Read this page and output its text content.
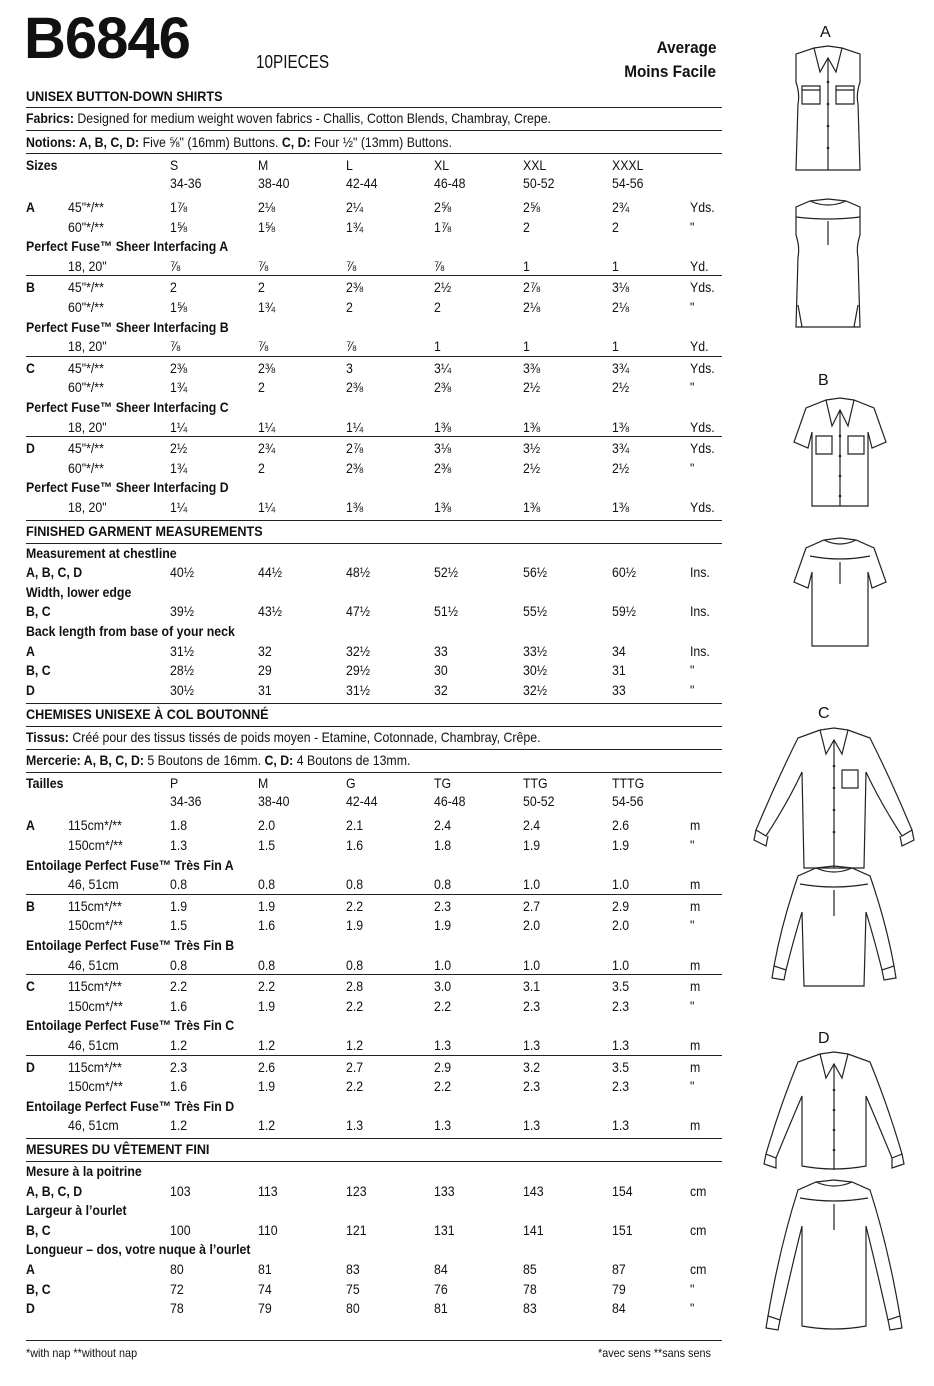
B6846	10PIECES
Average
Moins Facile
UNISEX BUTTON-DOWN SHIRTS
Fabrics: Designed for medium weight woven fabrics - Challis, Cotton Blends, Chambray, Crepe.
Notions: A, B, C, D: Five ⅝" (16mm) Buttons. C, D: Four ½" (13mm) Buttons.
Sizes	S	M	L	XL	XXL	XXXL
34-36	38-40	42-44	46-48	50-52	54-56
A 45"*/**	1⅞	2⅛	2¼	2⅝	2⅝	2¾	Yds.
60"*/**	1⅝	1⅝	1¾	1⅞	2	2	"
Perfect Fuse™ Sheer Interfacing A
18, 20"	⅞	⅞	⅞	⅞	1	1	Yd.
B 45"*/**	2	2	2⅜	2½	2⅞	3⅛	Yds.
60"*/**	1⅝	1¾	2	2	2⅛	2⅛	"
Perfect Fuse™ Sheer Interfacing B
18, 20"	⅞	⅞	⅞	1	1	1	Yd.
C 45"*/**	2⅜	2⅜	3	3¼	3⅜	3¾	Yds.
60"*/**	1¾	2	2⅜	2⅜	2½	2½	"
Perfect Fuse™ Sheer Interfacing C
18, 20"	1¼	1¼	1¼	1⅜	1⅜	1⅜	Yds.
D 45"*/**	2½	2¾	2⅞	3⅛	3½	3¾	Yds.
60"*/**	1¾	2	2⅜	2⅜	2½	2½	"
Perfect Fuse™ Sheer Interfacing D
18, 20"	1¼	1¼	1⅜	1⅜	1⅜	1⅜	Yds.
FINISHED GARMENT MEASUREMENTS
Measurement at chestline
A, B, C, D	40½	44½	48½	52½	56½	60½	Ins.
Width, lower edge
B, C	39½	43½	47½	51½	55½	59½	Ins.
Back length from base of your neck
A	31½	32	32½	33	33½	34	Ins.
B, C	28½	29	29½	30	30½	31	"
D	30½	31	31½	32	32½	33	"
CHEMISES UNISEXE À COL BOUTONNÉ
Tissus: Créé pour des tissus tissés de poids moyen - Etamine, Cotonnade, Chambray, Crêpe.
Mercerie: A, B, C, D: 5 Boutons de 16mm. C, D: 4 Boutons de 13mm.
Tailles	P	M	G	TG	TTG	TTTG
34-36	38-40	42-44	46-48	50-52	54-56
A 115cm*/**	1.8	2.0	2.1	2.4	2.4	2.6	m
150cm*/**	1.3	1.5	1.6	1.8	1.9	1.9	"
Entoilage Perfect Fuse™ Très Fin A
46, 51cm	0.8	0.8	0.8	0.8	1.0	1.0	m
B 115cm*/**	1.9	1.9	2.2	2.3	2.7	2.9	m
150cm*/**	1.5	1.6	1.9	1.9	2.0	2.0	"
Entoilage Perfect Fuse™ Très Fin B
46, 51cm	0.8	0.8	0.8	1.0	1.0	1.0	m
C 115cm*/**	2.2	2.2	2.8	3.0	3.1	3.5	m
150cm*/**	1.6	1.9	2.2	2.2	2.3	2.3	"
Entoilage Perfect Fuse™ Très Fin C
46, 51cm	1.2	1.2	1.2	1.3	1.3	1.3	m
D 115cm*/**	2.3	2.6	2.7	2.9	3.2	3.5	m
150cm*/**	1.6	1.9	2.2	2.2	2.3	2.3	"
Entoilage Perfect Fuse™ Très Fin D
46, 51cm	1.2	1.2	1.3	1.3	1.3	1.3	m
MESURES DU VÊTEMENT FINI
Mesure à la poitrine
A, B, C, D	103	113	123	133	143	154	cm
Largeur à l’ourlet
B, C	100	110	121	131	141	151	cm
Longueur – dos, votre nuque à l’ourlet
A	80	81	83	84	85	87	cm
B, C	72	74	75	76	78	79	"
D	78	79	80	81	83	84	"
*with nap **without nap	*avec sens **sans sens
A
B
C
D
